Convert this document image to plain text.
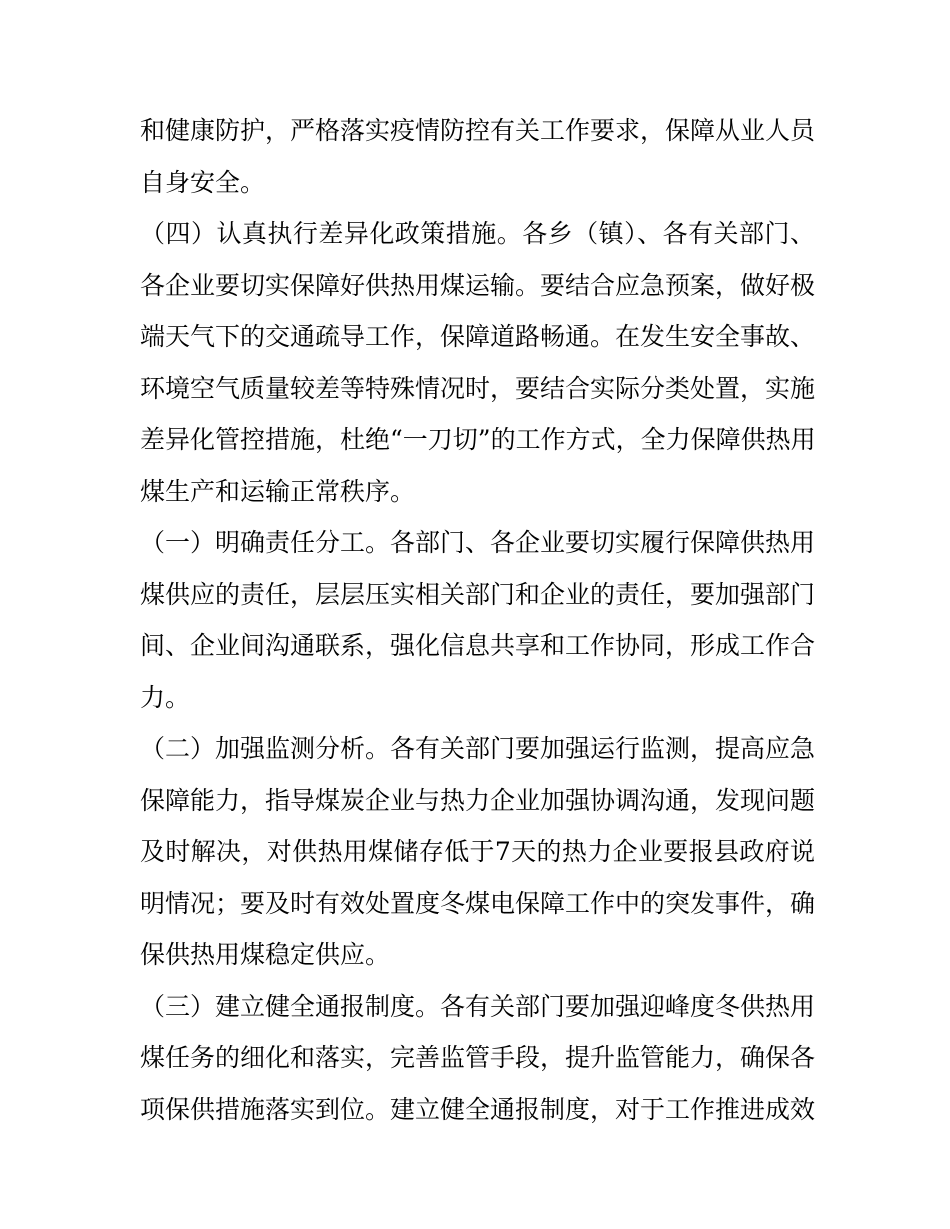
和健康防护，严格落实疫情防控有关工作要求，保障从业人员
自身安全。
（四）认真执行差异化政策措施。各乡（镇）、各有关部门、
各企业要切实保障好供热用煤运输。要结合应急预案，做好极
端天气下的交通疏导工作，保障道路畅通。在发生安全事故、
环境空气质量较差等特殊情况时，要结合实际分类处置，实施
差异化管控措施，杜绝“一刀切”的工作方式，全力保障供热用
煤生产和运输正常秩序。
（一）明确责任分工。各部门、各企业要切实履行保障供热用
煤供应的责任，层层压实相关部门和企业的责任，要加强部门
间、企业间沟通联系，强化信息共享和工作协同，形成工作合
力。
（二）加强监测分析。各有关部门要加强运行监测，提高应急
保障能力，指导煤炭企业与热力企业加强协调沟通，发现问题
及时解决，对供热用煤储存低于7天的热力企业要报县政府说
明情况；要及时有效处置度冬煤电保障工作中的突发事件，确
保供热用煤稳定供应。
（三）建立健全通报制度。各有关部门要加强迎峰度冬供热用
煤任务的细化和落实，完善监管手段，提升监管能力，确保各
项保供措施落实到位。建立健全通报制度，对于工作推进成效
